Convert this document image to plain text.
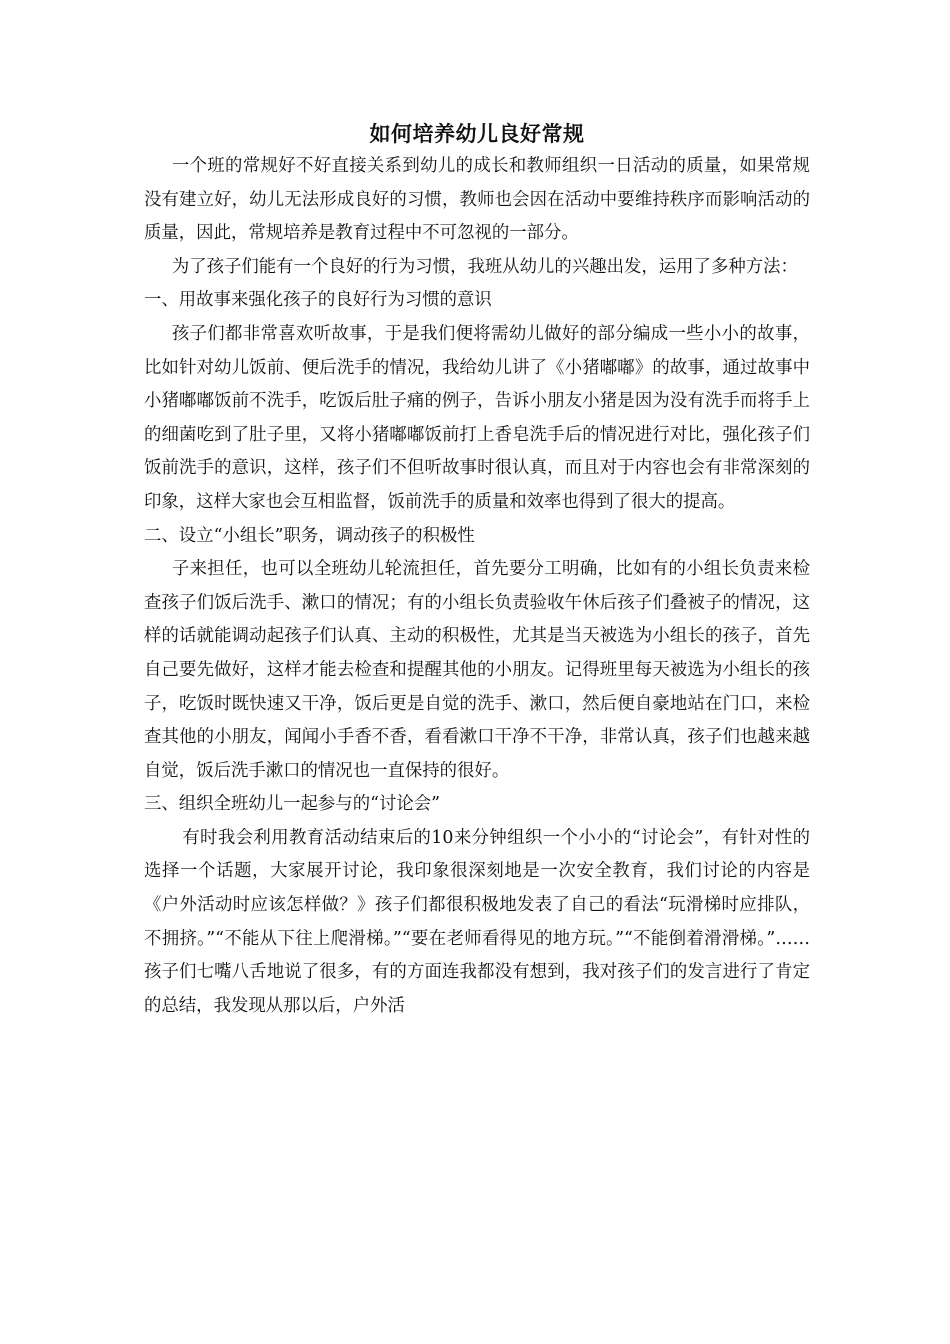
如何培养幼儿良好常规

一个班的常规好不好直接关系到幼儿的成长和教师组织一日活动的质量，如果常规没有建立好，幼儿无法形成良好的习惯，教师也会因在活动中要维持秩序而影响活动的质量，因此，常规培养是教育过程中不可忽视的一部分。

为了孩子们能有一个良好的行为习惯，我班从幼儿的兴趣出发，运用了多种方法：

一、用故事来强化孩子的良好行为习惯的意识

孩子们都非常喜欢听故事，于是我们便将需幼儿做好的部分编成一些小小的故事，比如针对幼儿饭前、便后洗手的情况，我给幼儿讲了《小猪嘟嘟》的故事，通过故事中小猪嘟嘟饭前不洗手，吃饭后肚子痛的例子，告诉小朋友小猪是因为没有洗手而将手上的细菌吃到了肚子里，又将小猪嘟嘟饭前打上香皂洗手后的情况进行对比，强化孩子们饭前洗手的意识，这样，孩子们不但听故事时很认真，而且对于内容也会有非常深刻的印象，这样大家也会互相监督，饭前洗手的质量和效率也得到了很大的提高。

二、设立“小组长”职务，调动孩子的积极性

子来担任，也可以全班幼儿轮流担任，首先要分工明确，比如有的小组长负责来检查孩子们饭后洗手、漱口的情况；有的小组长负责验收午休后孩子们叠被子的情况，这样的话就能调动起孩子们认真、主动的积极性，尤其是当天被选为小组长的孩子，首先自己要先做好，这样才能去检查和提醒其他的小朋友。记得班里每天被选为小组长的孩子，吃饭时既快速又干净，饭后更是自觉的洗手、漱口，然后便自豪地站在门口，来检查其他的小朋友，闻闻小手香不香，看看漱口干净不干净，非常认真，孩子们也越来越自觉，饭后洗手漱口的情况也一直保持的很好。

三、组织全班幼儿一起参与的“讨论会”

有时我会利用教育活动结束后的10来分钟组织一个小小的“讨论会”，有针对性的选择一个话题，大家展开讨论，我印象很深刻地是一次安全教育，我们讨论的内容是《户外活动时应该怎样做？》孩子们都很积极地发表了自己的看法“玩滑梯时应排队，不拥挤。”“不能从下往上爬滑梯。”“要在老师看得见的地方玩。”“不能倒着滑滑梯。”……孩子们七嘴八舌地说了很多，有的方面连我都没有想到，我对孩子们的发言进行了肯定的总结，我发现从那以后，户外活
